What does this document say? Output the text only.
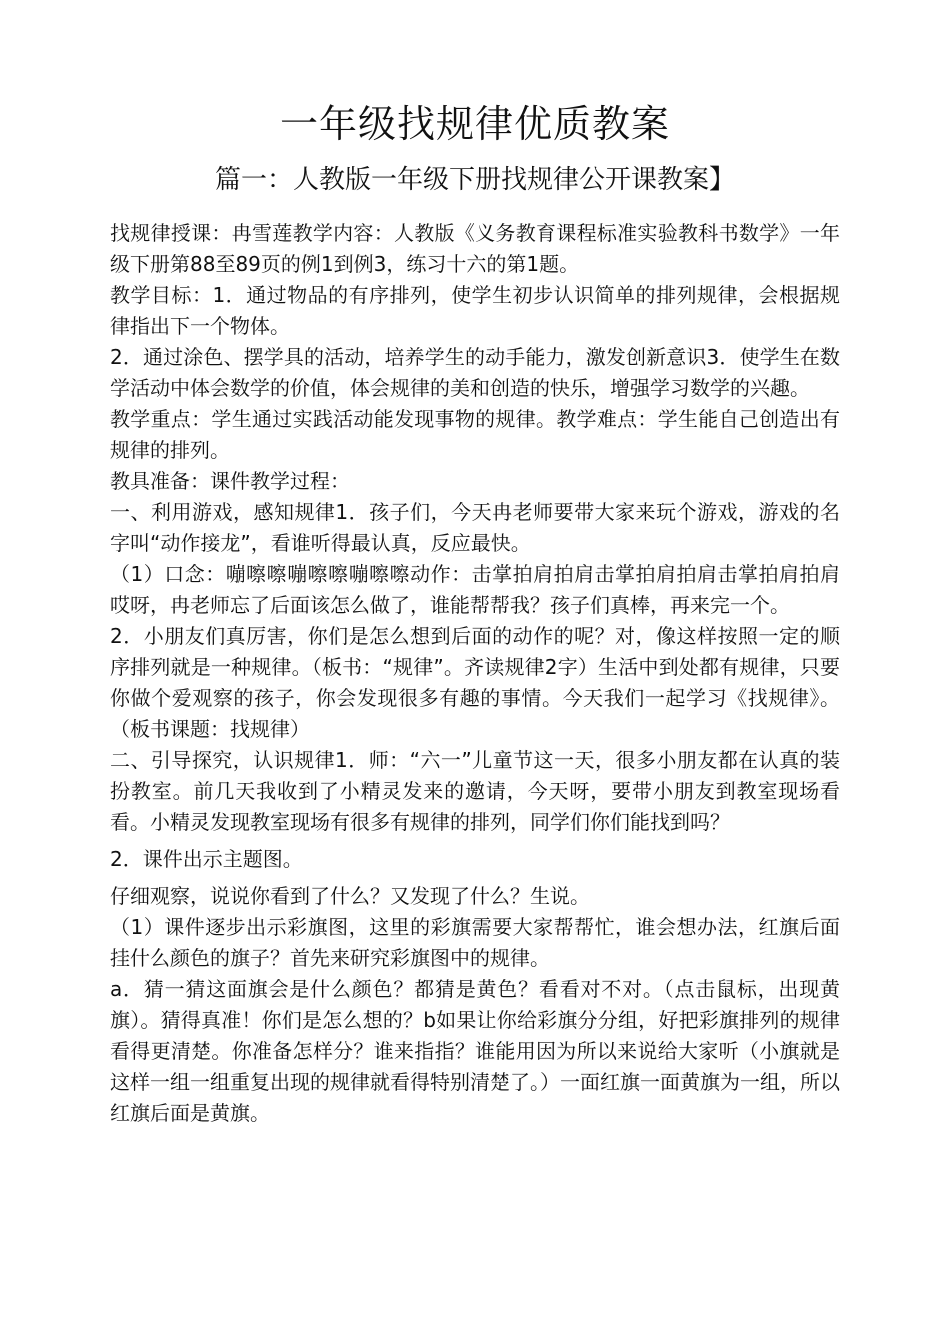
一年级找规律优质教案
篇一：人教版一年级下册找规律公开课教案】

找规律授课：冉雪莲教学内容：人教版《义务教育课程标准实验教科书数学》一年级下册第88至89页的例1到例3，练习十六的第1题。

教学目标：1．通过物品的有序排列，使学生初步认识简单的排列规律，会根据规律指出下一个物体。

2．通过涂色、摆学具的活动，培养学生的动手能力，激发创新意识3．使学生在数学活动中体会数学的价值，体会规律的美和创造的快乐，增强学习数学的兴趣。

教学重点：学生通过实践活动能发现事物的规律。教学难点：学生能自己创造出有规律的排列。

教具准备：课件教学过程：

一、利用游戏，感知规律1．孩子们，今天冉老师要带大家来玩个游戏，游戏的名字叫“动作接龙”，看谁听得最认真，反应最快。

（1）口念：嘣嚓嚓嘣嚓嚓嘣嚓嚓动作：击掌拍肩拍肩击掌拍肩拍肩击掌拍肩拍肩哎呀，冉老师忘了后面该怎么做了，谁能帮帮我？孩子们真棒，再来完一个。

2．小朋友们真厉害，你们是怎么想到后面的动作的呢？对，像这样按照一定的顺序排列就是一种规律。（板书：“规律”。齐读规律2字）生活中到处都有规律，只要你做个爱观察的孩子，你会发现很多有趣的事情。今天我们一起学习《找规律》。（板书课题：找规律）

二、引导探究，认识规律1．师：“六一”儿童节这一天，很多小朋友都在认真的装扮教室。前几天我收到了小精灵发来的邀请，今天呀，要带小朋友到教室现场看看。小精灵发现教室现场有很多有规律的排列，同学们你们能找到吗？

2．课件出示主题图。

仔细观察，说说你看到了什么？又发现了什么？生说。

（1）课件逐步出示彩旗图，这里的彩旗需要大家帮帮忙，谁会想办法，红旗后面挂什么颜色的旗子？首先来研究彩旗图中的规律。

a．猜一猜这面旗会是什么颜色？都猜是黄色？看看对不对。（点击鼠标，出现黄旗）。猜得真准！你们是怎么想的？b如果让你给彩旗分分组，好把彩旗排列的规律看得更清楚。你准备怎样分？谁来指指？谁能用因为所以来说给大家听（小旗就是这样一组一组重复出现的规律就看得特别清楚了。）一面红旗一面黄旗为一组，所以红旗后面是黄旗。
